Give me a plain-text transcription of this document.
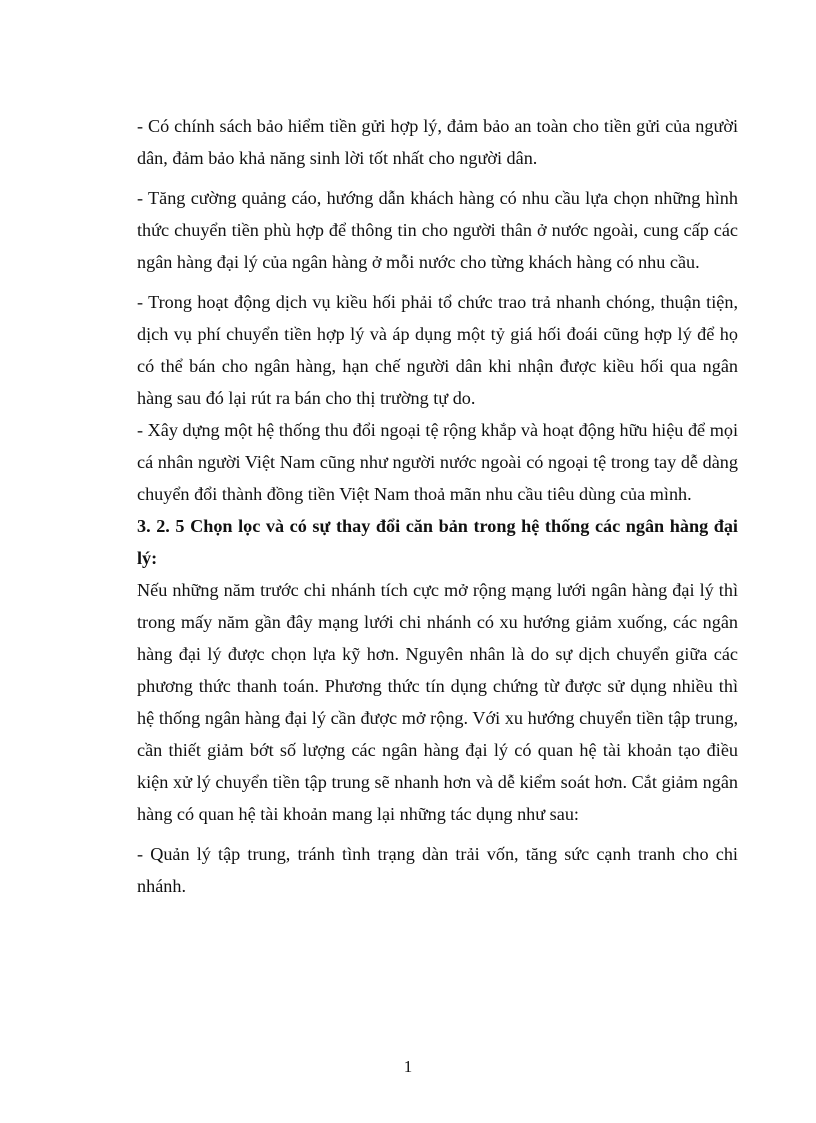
- Có chính sách bảo hiểm tiền gửi hợp lý, đảm bảo an toàn cho tiền gửi của người dân, đảm bảo khả năng sinh lời tốt nhất cho người dân.

- Tăng cường quảng cáo, hướng dẫn khách hàng có nhu cầu lựa chọn những hình thức chuyển tiền phù hợp để thông tin cho người thân ở nước ngoài, cung cấp các ngân hàng đại lý của ngân hàng ở mỗi nước cho từng khách hàng có nhu cầu.

- Trong hoạt động dịch vụ kiều hối phải tổ chức trao trả nhanh chóng, thuận tiện, dịch vụ phí chuyển tiền hợp lý và áp dụng một tỷ giá hối đoái cũng hợp lý để họ có thể bán cho ngân hàng, hạn chế người dân khi nhận được kiều hối qua ngân hàng sau đó lại rút ra bán cho thị trường tự do.

- Xây dựng một hệ thống thu đổi ngoại tệ rộng khắp và hoạt động hữu hiệu để mọi cá nhân người Việt Nam cũng như người nước ngoài có ngoại tệ trong tay dễ dàng chuyển đổi thành đồng tiền Việt Nam thoả mãn nhu cầu tiêu dùng của mình.

3. 2. 5 Chọn lọc và có sự thay đổi căn bản trong hệ thống các ngân hàng đại lý:

Nếu những năm trước chi nhánh tích cực mở rộng mạng lưới ngân hàng đại lý thì trong mấy năm gần đây mạng lưới chi nhánh có xu hướng giảm xuống, các ngân hàng đại lý được chọn lựa kỹ hơn. Nguyên nhân là do sự dịch chuyển giữa các phương thức thanh toán. Phương thức tín dụng chứng từ được sử dụng nhiều thì hệ thống ngân hàng đại lý cần được mở rộng. Với xu hướng chuyển tiền tập trung, cần thiết giảm bớt số lượng các ngân hàng đại lý có quan hệ tài khoản tạo điều kiện xử lý chuyển tiền tập trung sẽ nhanh hơn và dễ kiểm soát hơn. Cắt giảm ngân hàng có quan hệ tài khoản mang lại những tác dụng như sau:

- Quản lý tập trung, tránh tình trạng dàn trải vốn, tăng sức cạnh tranh cho chi nhánh.

1
